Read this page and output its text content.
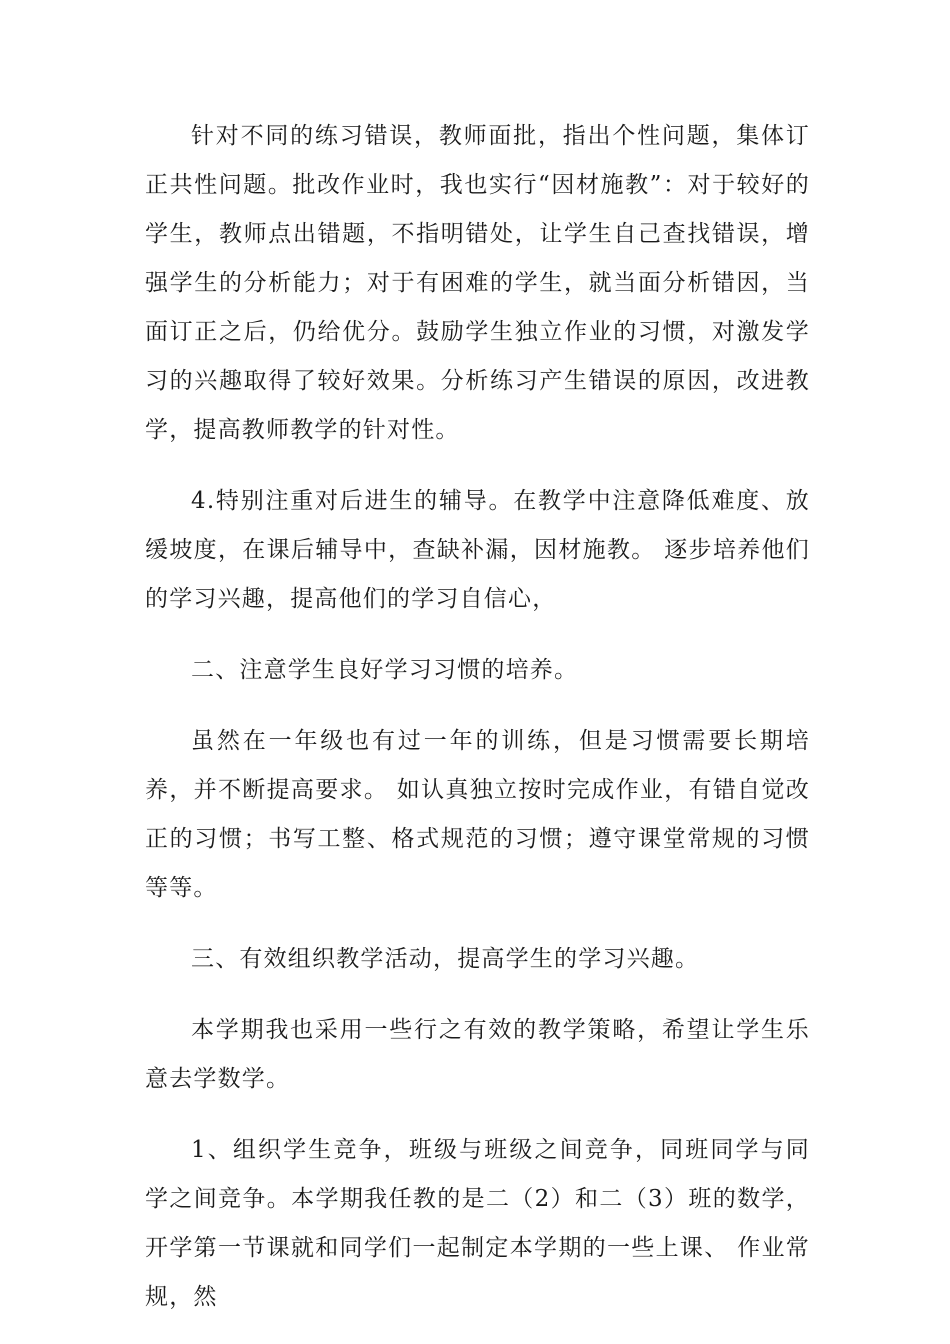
针对不同的练习错误，教师面批，指出个性问题，集体订正共性问题。批改作业时，我也实行“因材施教”：对于较好的学生，教师点出错题，不指明错处，让学生自己查找错误，增强学生的分析能力；对于有困难的学生，就当面分析错因，当面订正之后，仍给优分。鼓励学生独立作业的习惯，对激发学习的兴趣取得了较好效果。分析练习产生错误的原因，改进教学，提高教师教学的针对性。

4.特别注重对后进生的辅导。在教学中注意降低难度、放缓坡度，在课后辅导中，查缺补漏，因材施教。 逐步培养他们的学习兴趣，提高他们的学习自信心，

二、注意学生良好学习习惯的培养。

虽然在一年级也有过一年的训练，但是习惯需要长期培养，并不断提高要求。 如认真独立按时完成作业，有错自觉改正的习惯；书写工整、格式规范的习惯；遵守课堂常规的习惯等等。

三、有效组织教学活动，提高学生的学习兴趣。

本学期我也采用一些行之有效的教学策略，希望让学生乐意去学数学。

1、组织学生竞争，班级与班级之间竞争，同班同学与同学之间竞争。本学期我任教的是二（2）和二（3）班的数学，开学第一节课就和同学们一起制定本学期的一些上课、 作业常规，然
